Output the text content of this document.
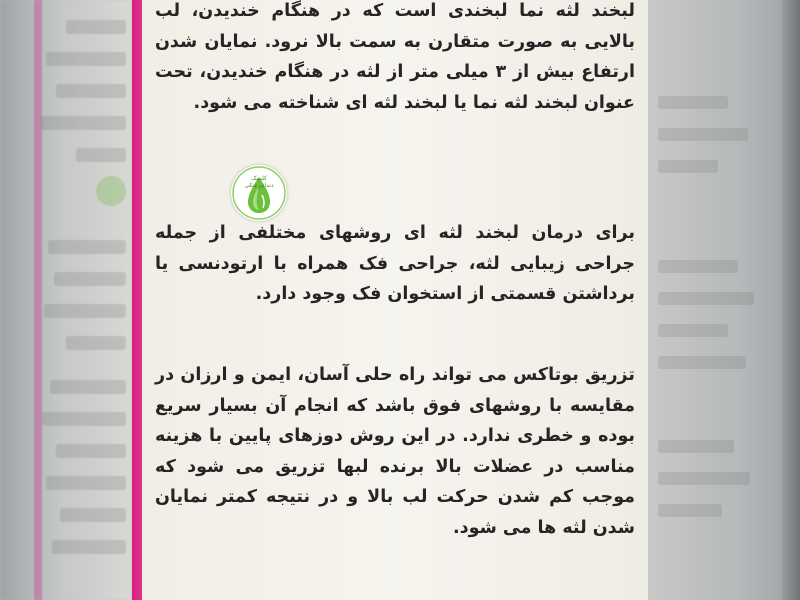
لبخند لثه نما لبخندی است که در هنگام خندیدن، لب بالایی به صورت متقارن به سمت بالا نرود. نمایان شدن ارتفاع بیش از ۳ میلی متر از لثه در هنگام خندیدن، تحت عنوان لبخند لثه نما یا لبخند لثه ای شناخته می شود.

برای درمان لبخند لثه ای روشهای مختلفی از جمله جراحی زیبایی لثه، جراحی فک همراه با ارتودنسی یا برداشتن قسمتی از استخوان فک وجود دارد.

تزریق بوتاکس می تواند راه حلی آسان، ایمن و ارزان در مقایسه با روشهای فوق باشد که انجام آن بسیار سریع بوده و خطری ندارد. در این روش دوزهای پایین با هزینه مناسب در عضلات بالا برنده لبها تزریق می شود که موجب کم شدن حرکت لب بالا و در نتیجه کمتر نمایان شدن لثه ها می شود.

کلینیک دندانپزشکی
